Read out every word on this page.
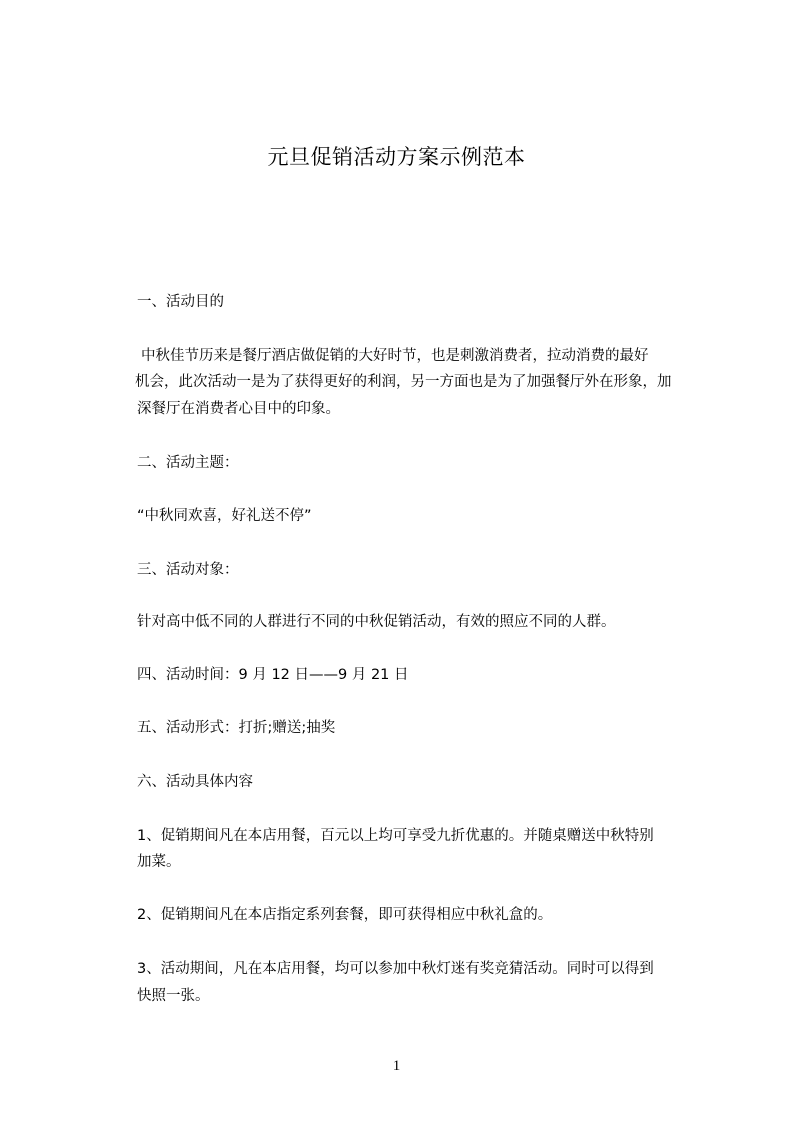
元旦促销活动方案示例范本
一、活动目的
中秋佳节历来是餐厅酒店做促销的大好时节，也是刺激消费者，拉动消费的最好
机会，此次活动一是为了获得更好的利润，另一方面也是为了加强餐厅外在形象，加
深餐厅在消费者心目中的印象。
二、活动主题：
“中秋同欢喜，好礼送不停”
三、活动对象：
针对高中低不同的人群进行不同的中秋促销活动，有效的照应不同的人群。
四、活动时间：9 月 12 日——9 月 21 日
五、活动形式：打折;赠送;抽奖
六、活动具体内容
1、促销期间凡在本店用餐，百元以上均可享受九折优惠的。并随桌赠送中秋特别
加菜。
2、促销期间凡在本店指定系列套餐，即可获得相应中秋礼盒的。
3、活动期间，凡在本店用餐，均可以参加中秋灯迷有奖竞猜活动。同时可以得到
快照一张。
1
